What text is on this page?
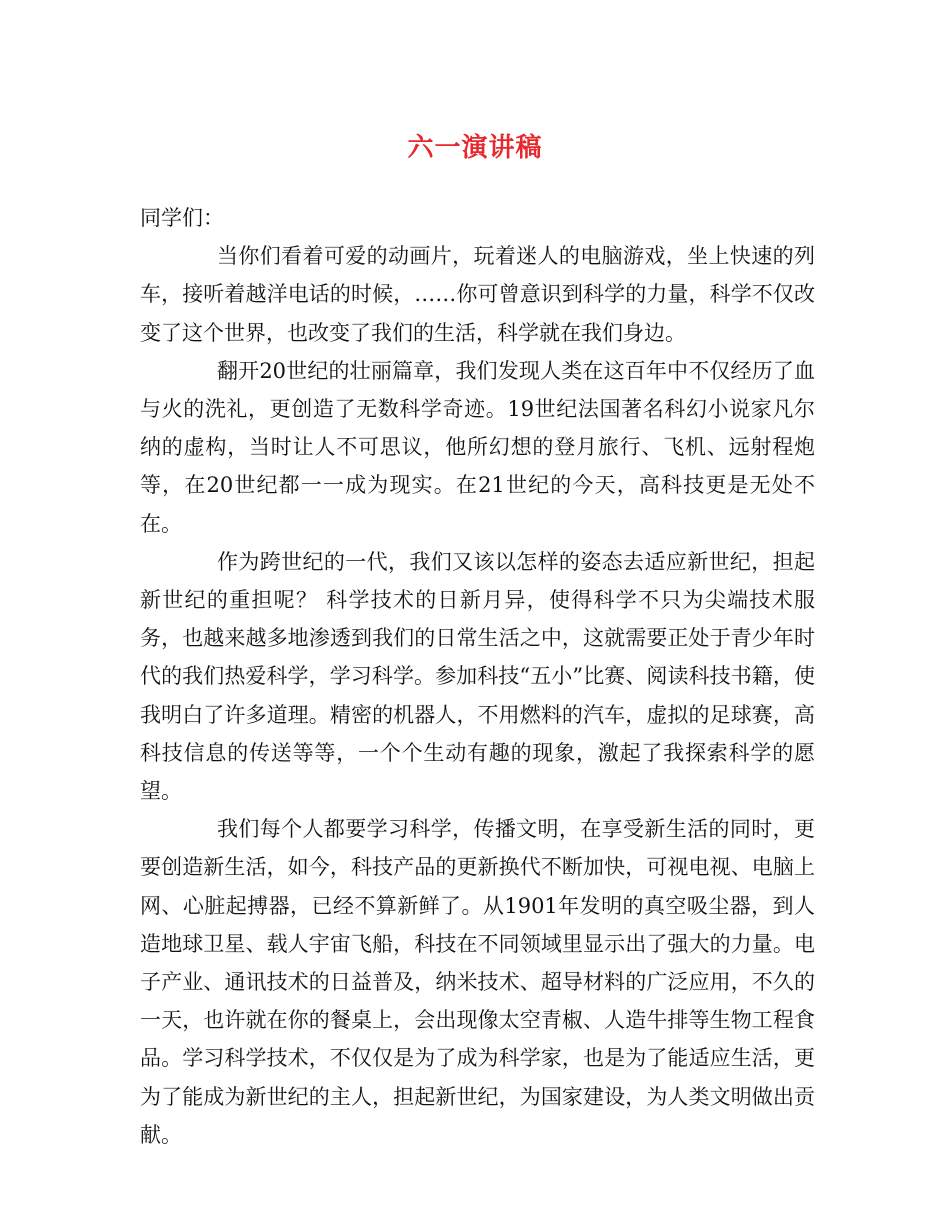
六一演讲稿

同学们：

当你们看着可爱的动画片，玩着迷人的电脑游戏，坐上快速的列车，接听着越洋电话的时候，……你可曾意识到科学的力量，科学不仅改变了这个世界，也改变了我们的生活，科学就在我们身边。

翻开20世纪的壮丽篇章，我们发现人类在这百年中不仅经历了血与火的洗礼，更创造了无数科学奇迹。19世纪法国著名科幻小说家凡尔纳的虚构，当时让人不可思议，他所幻想的登月旅行、飞机、远射程炮等，在20世纪都一一成为现实。在21世纪的今天，高科技更是无处不在。

作为跨世纪的一代，我们又该以怎样的姿态去适应新世纪，担起新世纪的重担呢？ 科学技术的日新月异，使得科学不只为尖端技术服务，也越来越多地渗透到我们的日常生活之中，这就需要正处于青少年时代的我们热爱科学，学习科学。参加科技“五小”比赛、阅读科技书籍，使我明白了许多道理。精密的机器人，不用燃料的汽车，虚拟的足球赛，高科技信息的传送等等，一个个生动有趣的现象，激起了我探索科学的愿望。

我们每个人都要学习科学，传播文明，在享受新生活的同时，更要创造新生活，如今，科技产品的更新换代不断加快，可视电视、电脑上网、心脏起搏器，已经不算新鲜了。从1901年发明的真空吸尘器，到人造地球卫星、载人宇宙飞船，科技在不同领域里显示出了强大的力量。电子产业、通讯技术的日益普及，纳米技术、超导材料的广泛应用，不久的一天，也许就在你的餐桌上，会出现像太空青椒、人造牛排等生物工程食品。学习科学技术，不仅仅是为了成为科学家，也是为了能适应生活，更为了能成为新世纪的主人，担起新世纪，为国家建设，为人类文明做出贡献。
